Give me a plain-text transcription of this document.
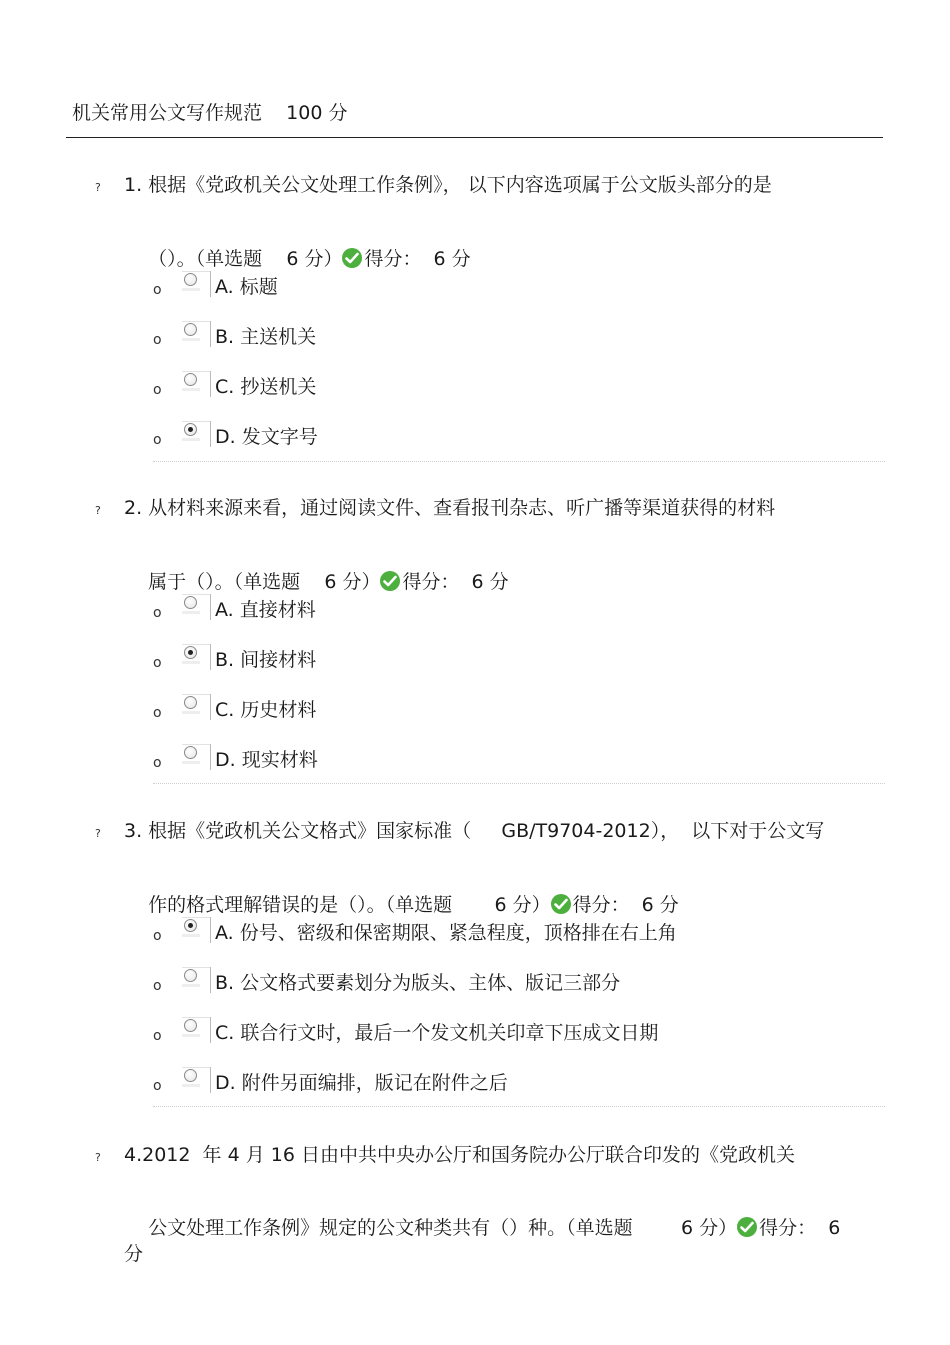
机关常用公文写作规范    100 分
? 1. 根据《党政机关公文处理工作条例》， 以下内容选项属于公文版头部分的是

（）。（单选题    6 分） 得分：  6 分

o	A. 标题
o	B. 主送机关
o	C. 抄送机关
o	D. 发文字号
? 2. 从材料来源来看，通过阅读文件、查看报刊杂志、听广播等渠道获得的材料

属于（）。（单选题    6 分） 得分：  6 分

o	A. 直接材料
o	B. 间接材料
o	C. 历史材料
o	D. 现实材料
? 3. 根据《党政机关公文格式》国家标准（     GB/T9704-2012），  以下对于公文写

作的格式理解错误的是（）。（单选题       6 分） 得分：  6 分

o	A. 份号、密级和保密期限、紧急程度，顶格排在右上角
o	B. 公文格式要素划分为版头、主体、版记三部分
o	C. 联合行文时，最后一个发文机关印章下压成文日期
o	D. 附件另面编排，版记在附件之后
? 4.2012  年 4 月 16 日由中共中央办公厅和国务院办公厅联合印发的《党政机关

公文处理工作条例》规定的公文种类共有（）种。（单选题        6 分） 得分：  6

分
